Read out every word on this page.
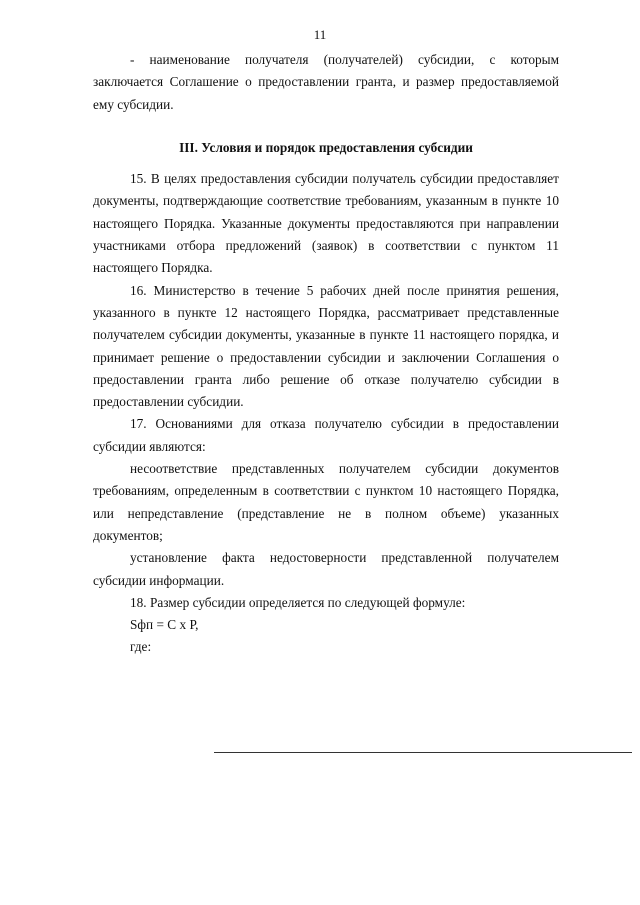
11

- наименование получателя (получателей) субсидии, с которым заключается Соглашение о предоставлении гранта, и размер предоставляемой ему субсидии.

III. Условия и порядок предоставления субсидии

15. В целях предоставления субсидии получатель субсидии предоставляет документы, подтверждающие соответствие требованиям, указанным в пункте 10 настоящего Порядка. Указанные документы предоставляются при направлении участниками отбора предложений (заявок) в соответствии с пунктом 11 настоящего Порядка.

16. Министерство в течение 5 рабочих дней после принятия решения, указанного в пункте 12 настоящего Порядка, рассматривает представленные получателем субсидии документы, указанные в пункте 11 настоящего порядка, и принимает решение о предоставлении субсидии и заключении Соглашения о предоставлении гранта либо решение об отказе получателю субсидии в предоставлении субсидии.

17. Основаниями для отказа получателю субсидии в предоставлении субсидии являются:

несоответствие представленных получателем субсидии документов требованиям, определенным в соответствии с пунктом 10 настоящего Порядка, или непредставление (представление не в полном объеме) указанных документов;

установление факта недостоверности представленной получателем субсидии информации.

18. Размер субсидии определяется по следующей формуле:

Sфп = С х Р,

где:
